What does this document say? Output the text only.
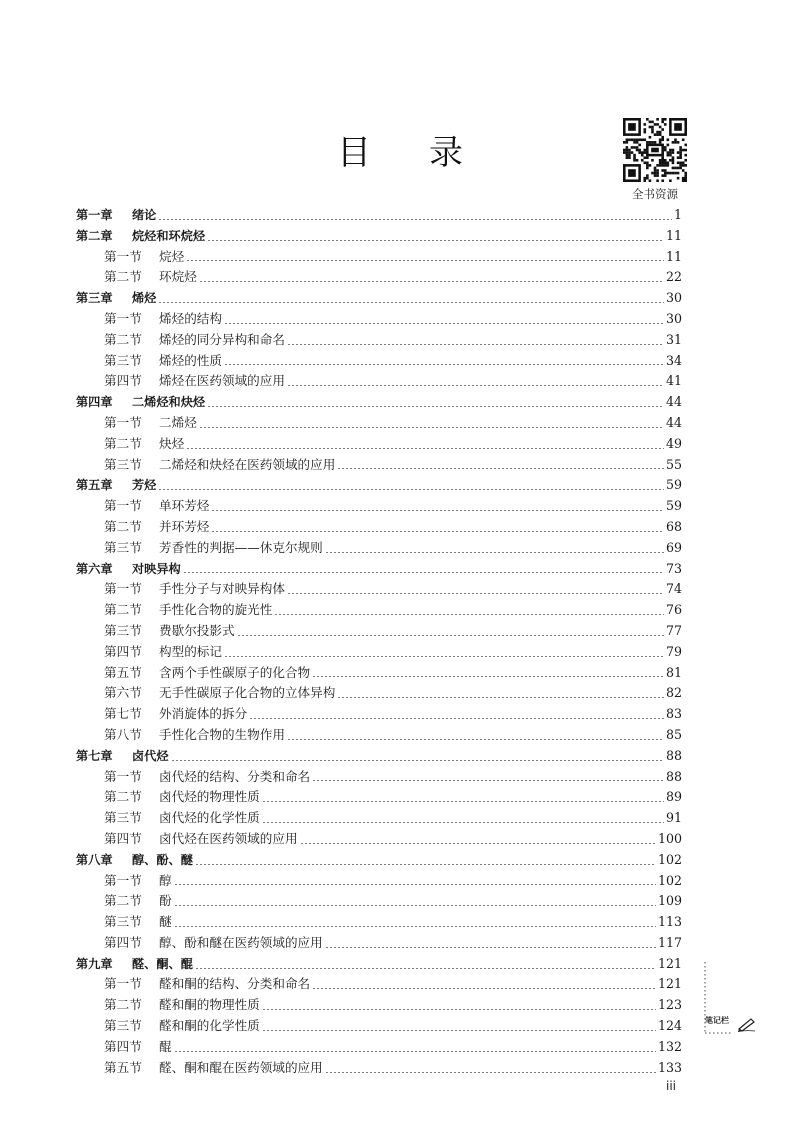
目录
全书资源
第一章	绪论	1
第二章	烷烃和环烷烃	11
第一节	烷烃	11
第二节	环烷烃	22
第三章	烯烃	30
第一节	烯烃的结构	30
第二节	烯烃的同分异构和命名	31
第三节	烯烃的性质	34
第四节	烯烃在医药领域的应用	41
第四章	二烯烃和炔烃	44
第一节	二烯烃	44
第二节	炔烃	49
第三节	二烯烃和炔烃在医药领域的应用	55
第五章	芳烃	59
第一节	单环芳烃	59
第二节	并环芳烃	68
第三节	芳香性的判据——休克尔规则	69
第六章	对映异构	73
第一节	手性分子与对映异构体	74
第二节	手性化合物的旋光性	76
第三节	费歇尔投影式	77
第四节	构型的标记	79
第五节	含两个手性碳原子的化合物	81
第六节	无手性碳原子化合物的立体异构	82
第七节	外消旋体的拆分	83
第八节	手性化合物的生物作用	85
第七章	卤代烃	88
第一节	卤代烃的结构、分类和命名	88
第二节	卤代烃的物理性质	89
第三节	卤代烃的化学性质	91
第四节	卤代烃在医药领域的应用	100
第八章	醇、酚、醚	102
第一节	醇	102
第二节	酚	109
第三节	醚	113
第四节	醇、酚和醚在医药领域的应用	117
第九章	醛、酮、醌	121
第一节	醛和酮的结构、分类和命名	121
第二节	醛和酮的物理性质	123
第三节	醛和酮的化学性质	124
第四节	醌	132
第五节	醛、酮和醌在医药领域的应用	133
笔记栏
iii
